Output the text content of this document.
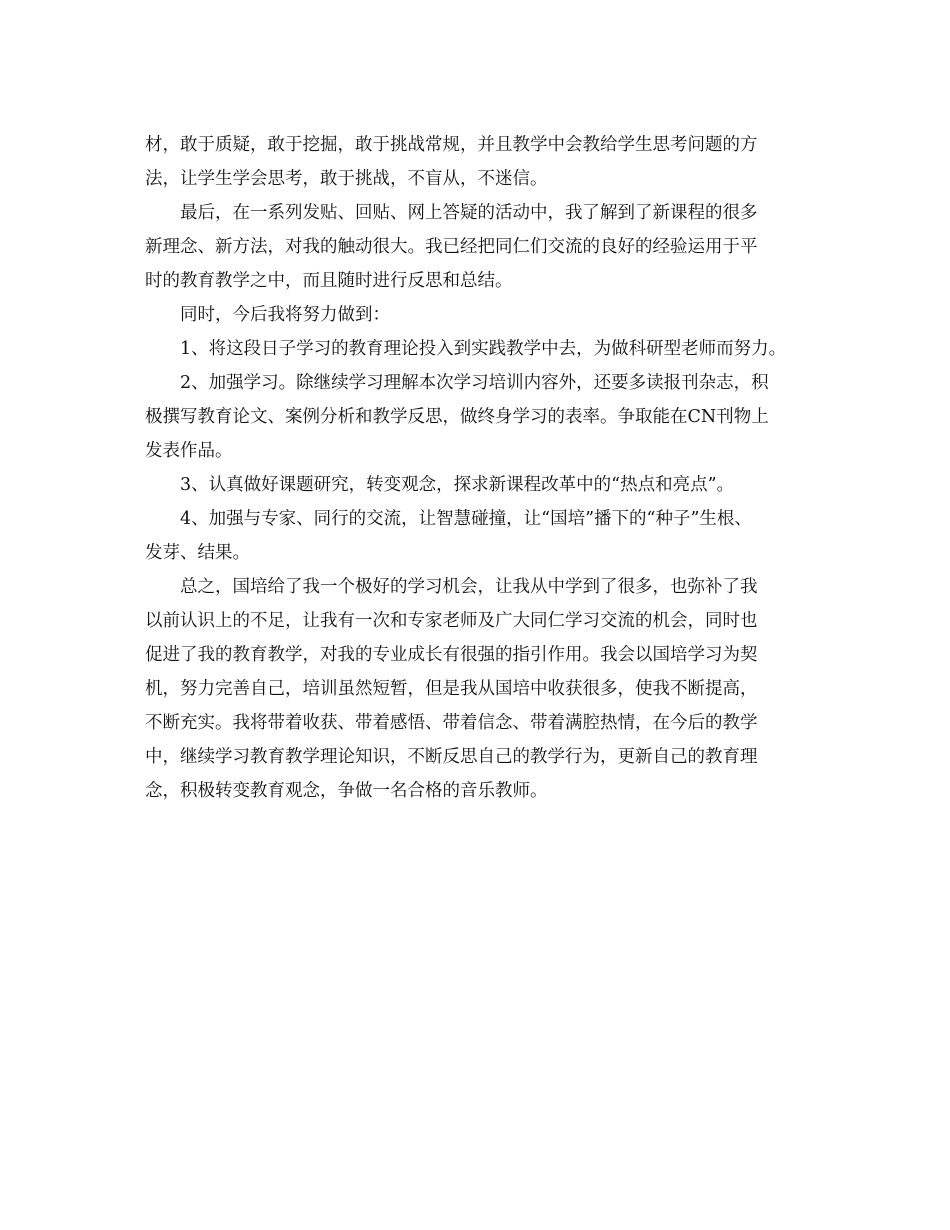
材，敢于质疑，敢于挖掘，敢于挑战常规，并且教学中会教给学生思考问题的方
法，让学生学会思考，敢于挑战，不盲从，不迷信。
最后，在一系列发贴、回贴、网上答疑的活动中，我了解到了新课程的很多
新理念、新方法，对我的触动很大。我已经把同仁们交流的良好的经验运用于平
时的教育教学之中，而且随时进行反思和总结。
同时，今后我将努力做到：
1、将这段日子学习的教育理论投入到实践教学中去，为做科研型老师而努力。
2、加强学习。除继续学习理解本次学习培训内容外，还要多读报刊杂志，积
极撰写教育论文、案例分析和教学反思，做终身学习的表率。争取能在CN刊物上
发表作品。
3、认真做好课题研究，转变观念，探求新课程改革中的“热点和亮点”。
4、加强与专家、同行的交流，让智慧碰撞，让“国培”播下的“种子”生根、
发芽、结果。
总之，国培给了我一个极好的学习机会，让我从中学到了很多，也弥补了我
以前认识上的不足，让我有一次和专家老师及广大同仁学习交流的机会，同时也
促进了我的教育教学，对我的专业成长有很强的指引作用。我会以国培学习为契
机，努力完善自己，培训虽然短暂，但是我从国培中收获很多，使我不断提高，
不断充实。我将带着收获、带着感悟、带着信念、带着满腔热情，在今后的教学
中，继续学习教育教学理论知识，不断反思自己的教学行为，更新自己的教育理
念，积极转变教育观念，争做一名合格的音乐教师。
